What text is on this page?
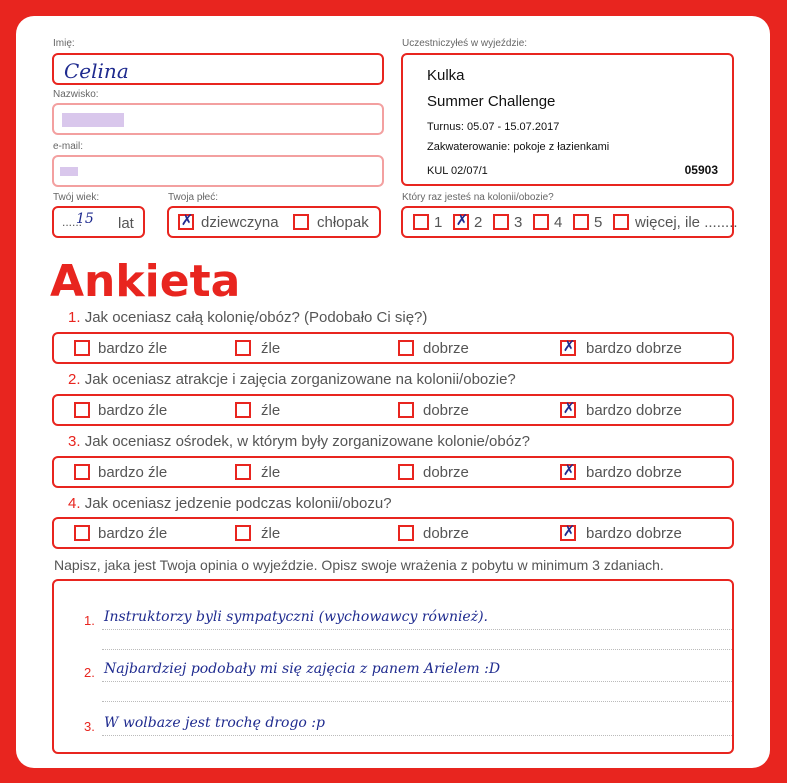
Imię:
Celina
Nazwisko:
e-mail:
Twój wiek:
......
15 lat
Twoja płeć:
✗ dziewczyna	chłopak
Uczestniczyłeś w wyjeździe:
Kulka
Summer Challenge
Turnus: 05.07 - 15.07.2017
Zakwaterowanie: pokoje z łazienkami
KUL 02/07/1	05903
Który raz jesteś na kolonii/obozie?
1 ✗ 2 3 4 5 więcej, ile ........
Ankieta
1. Jak oceniasz całą kolonię/obóz? (Podobało Ci się?)
bardzo źle	źle	dobrze	✗ bardzo dobrze
2. Jak oceniasz atrakcje i zajęcia zorganizowane na kolonii/obozie?
bardzo źle	źle	dobrze	✗ bardzo dobrze
3. Jak oceniasz ośrodek, w którym były zorganizowane kolonie/obóz?
bardzo źle	źle	dobrze	✗ bardzo dobrze
4. Jak oceniasz jedzenie podczas kolonii/obozu?
bardzo źle	źle	dobrze	✗ bardzo dobrze
Napisz, jaka jest Twoja opinia o wyjeździe. Opisz swoje wrażenia z pobytu w minimum 3 zdaniach.
1. Instruktorzy byli sympatyczni (wychowawcy również).
2. Najbardziej podobały mi się zajęcia z panem Arielem :D
3. W wolbaze jest trochę drogo :p
